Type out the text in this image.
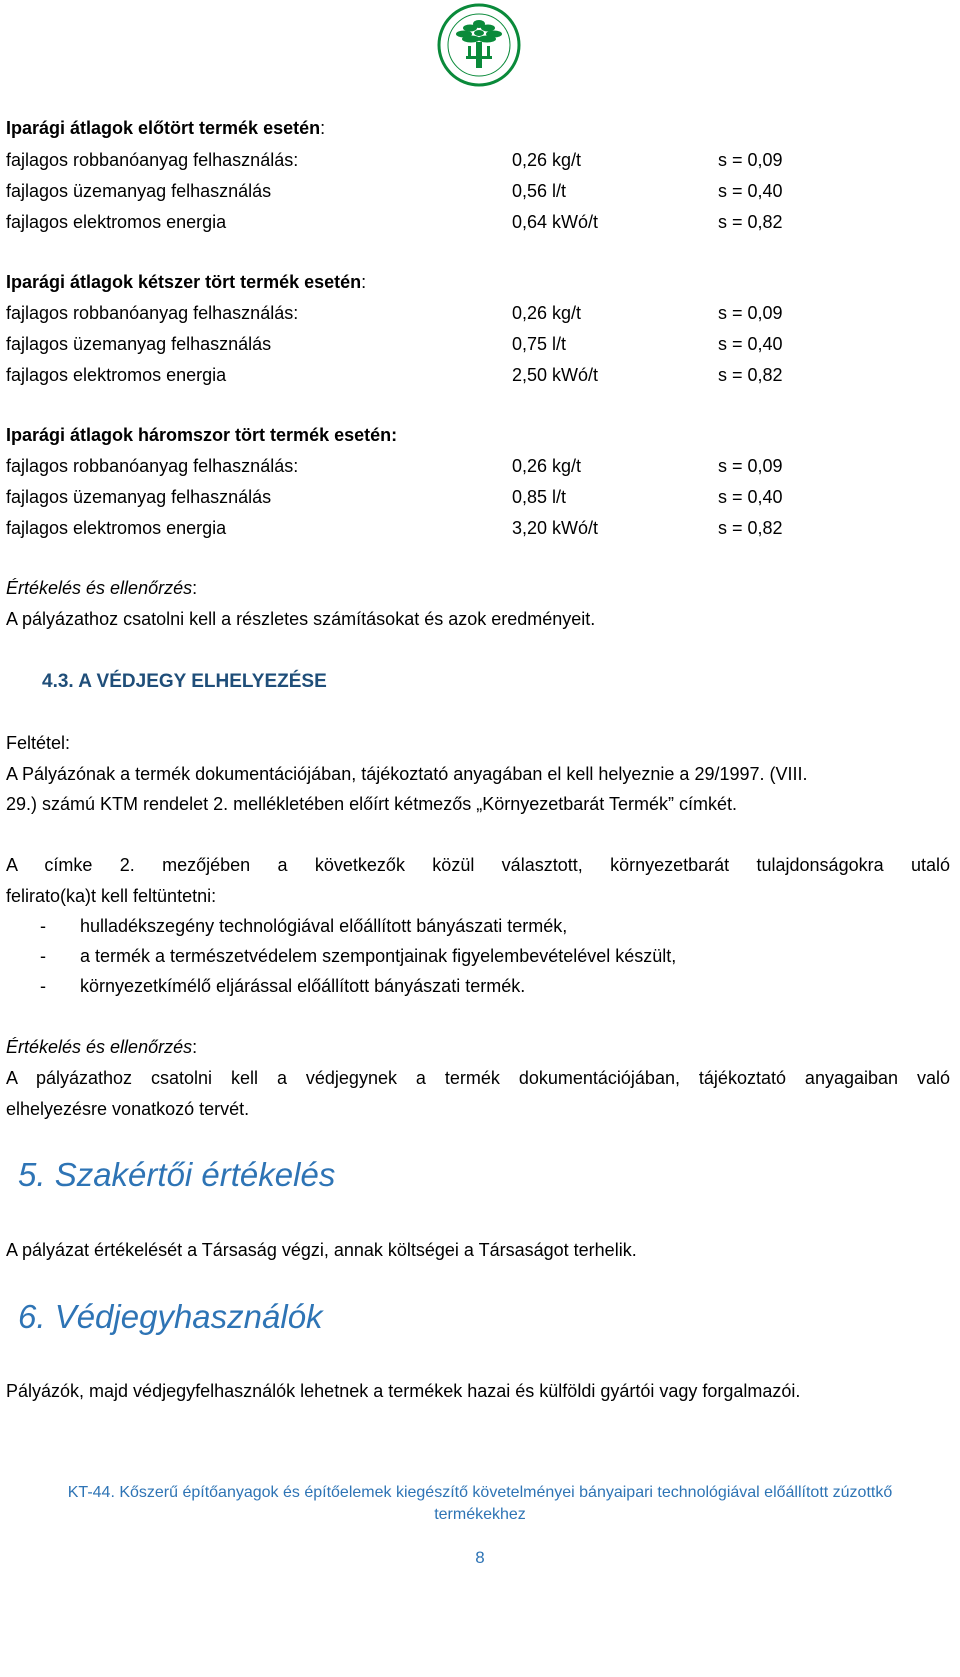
Iparági átlagok előtört termék esetén:
fajlagos robbanóanyag felhasználás:	0,26 kg/t	s = 0,09
fajlagos üzemanyag felhasználás	0,56 l/t	s = 0,40
fajlagos elektromos energia	0,64 kWó/t	s = 0,82
Iparági átlagok kétszer tört termék esetén:
fajlagos robbanóanyag felhasználás:	0,26 kg/t	s = 0,09
fajlagos üzemanyag felhasználás	0,75 l/t	s = 0,40
fajlagos elektromos energia	2,50 kWó/t	s = 0,82
Iparági átlagok háromszor tört termék esetén:
fajlagos robbanóanyag felhasználás:	0,26 kg/t	s = 0,09
fajlagos üzemanyag felhasználás	0,85 l/t	s = 0,40
fajlagos elektromos energia	3,20 kWó/t	s = 0,82
Értékelés és ellenőrzés:
A pályázathoz csatolni kell a részletes számításokat és azok eredményeit.
4.3. A VÉDJEGY ELHELYEZÉSE
Feltétel:
A Pályázónak a termék dokumentációjában, tájékoztató anyagában el kell helyeznie a 29/1997. (VIII.
29.) számú KTM rendelet 2. mellékletében előírt kétmezős „Környezetbarát Termék” címkét.
A címke 2. mezőjében a következők közül választott, környezetbarát tulajdonságokra utaló
felirato(ka)t kell feltüntetni:
- hulladékszegény technológiával előállított bányászati termék,
- a termék a természetvédelem szempontjainak figyelembevételével készült,
- környezetkímélő eljárással előállított bányászati termék.
Értékelés és ellenőrzés:
A pályázathoz csatolni kell a védjegynek a termék dokumentációjában, tájékoztató anyagaiban való
elhelyezésre vonatkozó tervét.
5. Szakértői értékelés
A pályázat értékelését a Társaság végzi, annak költségei a Társaságot terhelik.
6. Védjegyhasználók
Pályázók, majd védjegyfelhasználók lehetnek a termékek hazai és külföldi gyártói vagy forgalmazói.
KT-44. Kőszerű építőanyagok és építőelemek kiegészítő követelményei bányaipari technológiával előállított zúzottkő
termékekhez
8
